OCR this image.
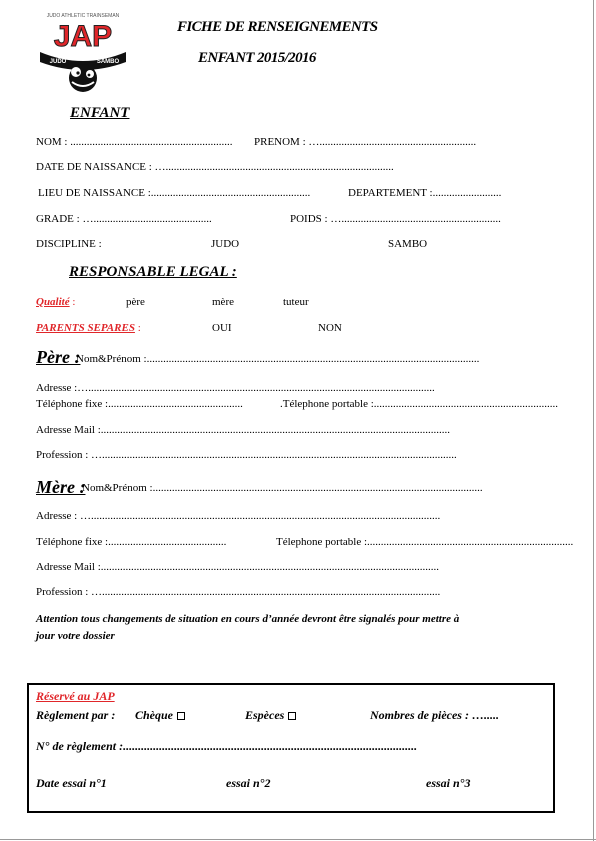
JUDO ATHLETIC TRAINSEMAN
JAP
JUDO	SAMBO
FICHE DE RENSEIGNEMENTS
ENFANT 2015/2016
ENFANT
NOM : ........................................................... PRENOM : ….........................................................
DATE DE NAISSANCE : …...................................................................................
LIEU DE NAISSANCE :..........................................................	DEPARTEMENT :.........................
GRADE : …...........................................	POIDS : …..........................................................
DISCIPLINE :	JUDO	SAMBO
RESPONSABLE LEGAL :
Qualité :	père	mère	tuteur
PARENTS SEPARES :	OUI	NON
Père :
Nom&Prénom :.........................................................................................................................
Adresse :…..............................................................................................................................
Téléphone fixe :.................................................	.Télephone portable :...................................................................
Adresse Mail :...............................................................................................................................
Profession : ….................................................................................................................................
Mère :
Nom&Prénom :........................................................................................................................
Adresse : …...............................................................................................................................
Téléphone fixe :...........................................	Télephone portable :...........................................................................
Adresse Mail :...........................................................................................................................
Profession : …...........................................................................................................................
Attention tous changements de situation en cours d’année devront être signalés pour mettre à
jour votre dossier
Réservé au JAP
Règlement par : Chèque	Espèces	Nombres de pièces : ….....
N° de règlement :..................................................................................................
Date essai n°1	essai n°2	essai n°3
